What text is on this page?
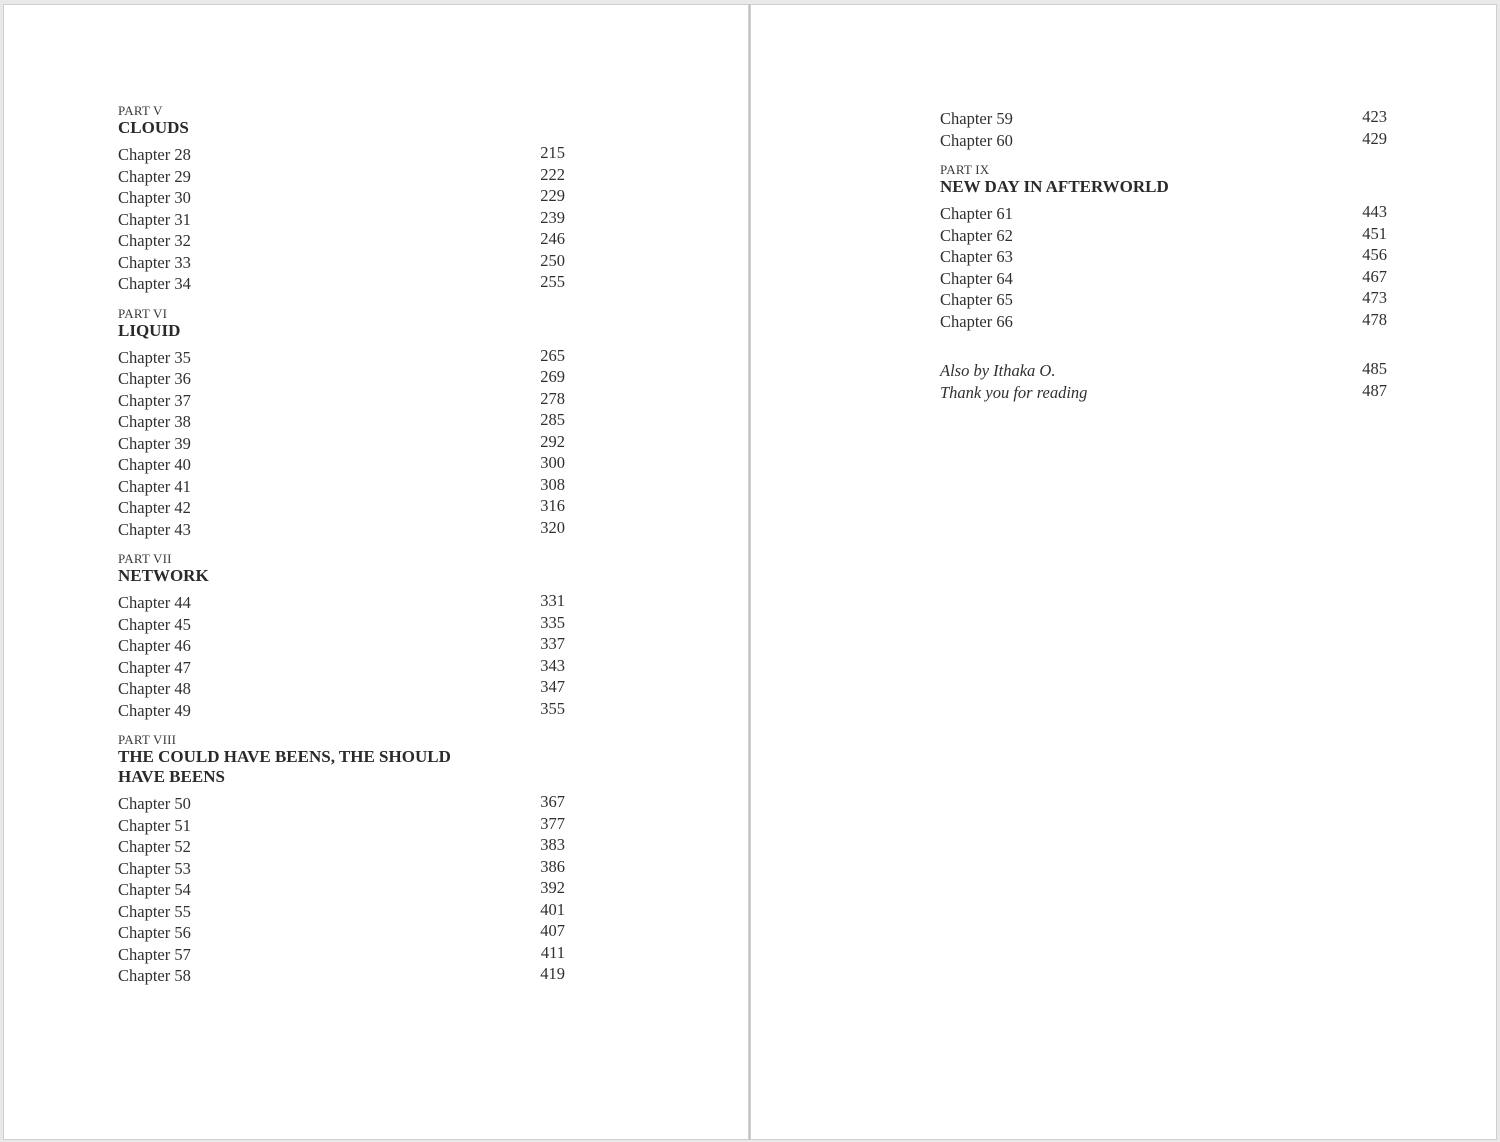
PART V
CLOUDS
Chapter 28	215
Chapter 29	222
Chapter 30	229
Chapter 31	239
Chapter 32	246
Chapter 33	250
Chapter 34	255
PART VI
LIQUID
Chapter 35	265
Chapter 36	269
Chapter 37	278
Chapter 38	285
Chapter 39	292
Chapter 40	300
Chapter 41	308
Chapter 42	316
Chapter 43	320
PART VII
NETWORK
Chapter 44	331
Chapter 45	335
Chapter 46	337
Chapter 47	343
Chapter 48	347
Chapter 49	355
PART VIII
THE COULD HAVE BEENS, THE SHOULD HAVE BEENS
Chapter 50	367
Chapter 51	377
Chapter 52	383
Chapter 53	386
Chapter 54	392
Chapter 55	401
Chapter 56	407
Chapter 57	411
Chapter 58	419
Chapter 59	423
Chapter 60	429
PART IX
NEW DAY IN AFTERWORLD
Chapter 61	443
Chapter 62	451
Chapter 63	456
Chapter 64	467
Chapter 65	473
Chapter 66	478
Also by Ithaka O.	485
Thank you for reading	487
